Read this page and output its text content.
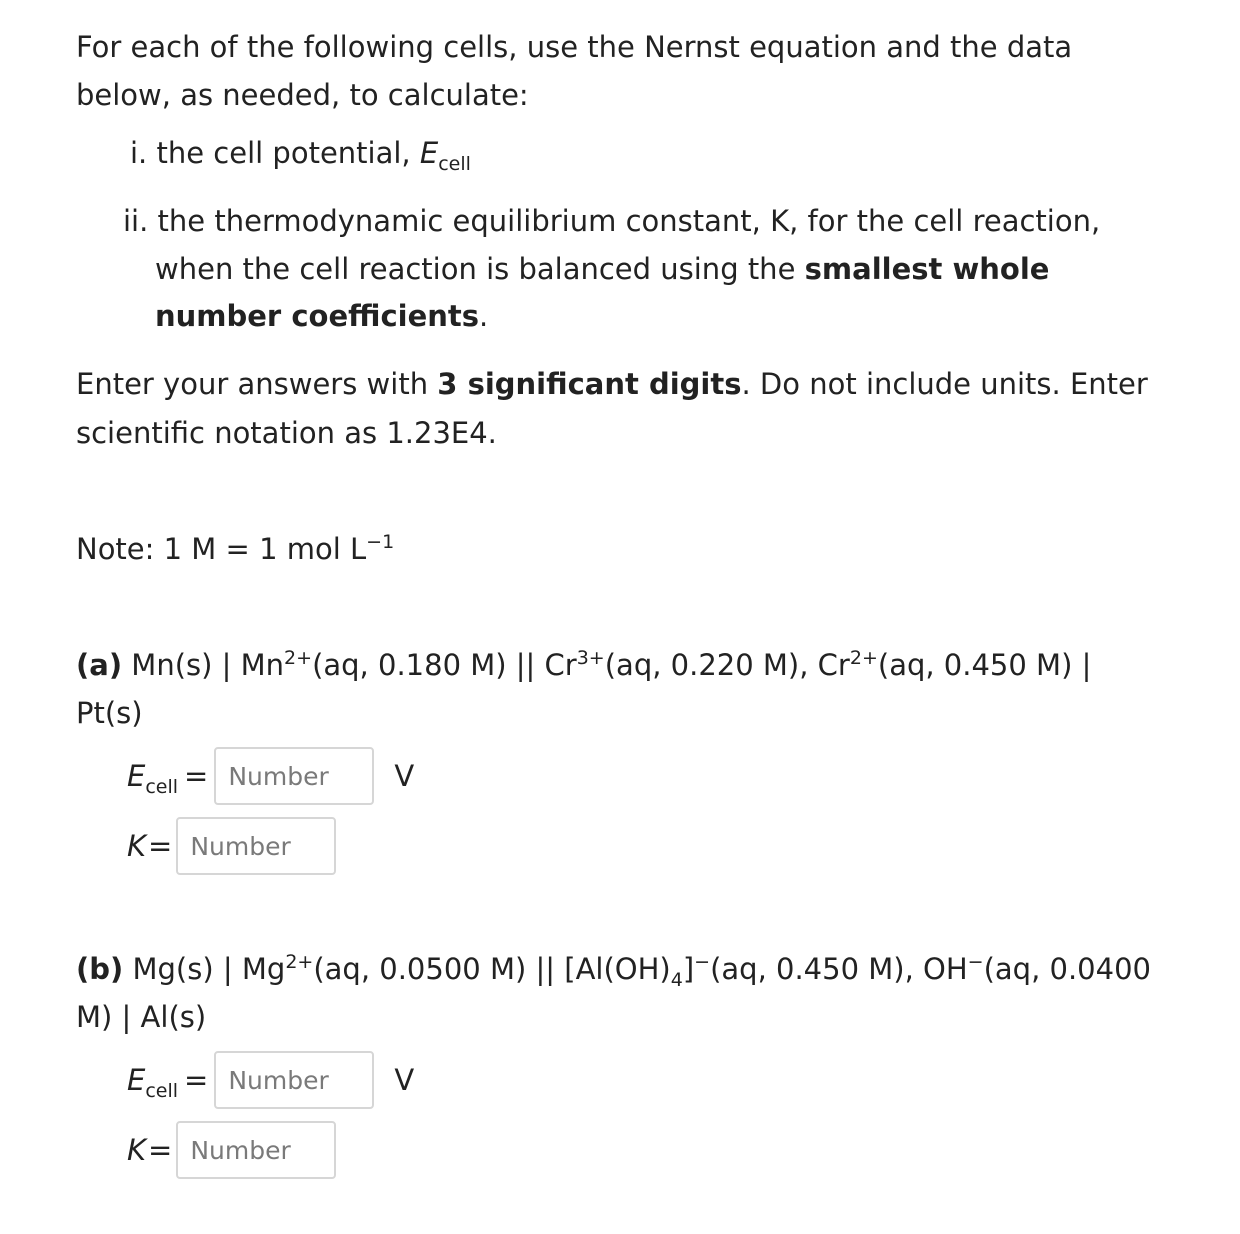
For each of the following cells, use the Nernst equation and the data
below, as needed, to calculate:
i. the cell potential, $E_{cell}$
ii. the thermodynamic equilibrium constant, K, for the cell reaction,
when the cell reaction is balanced using the smallest whole
number coefficients.
Enter your answers with 3 significant digits. Do not include units. Enter
scientific notation as 1.23E4.
Note: 1 M = 1 mol $L^{-1}$
(a) Mn(s) | $Mn^{2+}(aq$, 0.180 M) || $Cr^{3+}(aq$, 0.220 M), $Cr^{2+}(aq$, 0.450 M) |
Pt(s)
$E_{cell}$ =
Number	V
K =
Number
(b) Mg(s) | $Mg^{2+}(aq$, 0.0500 M) || $[Al(OH)_4]^-(aq$, 0.450 M), OH−(aq, 0.0400
M) | Al(s)
$E_{cell}$ =
Number	V
K =
Number
